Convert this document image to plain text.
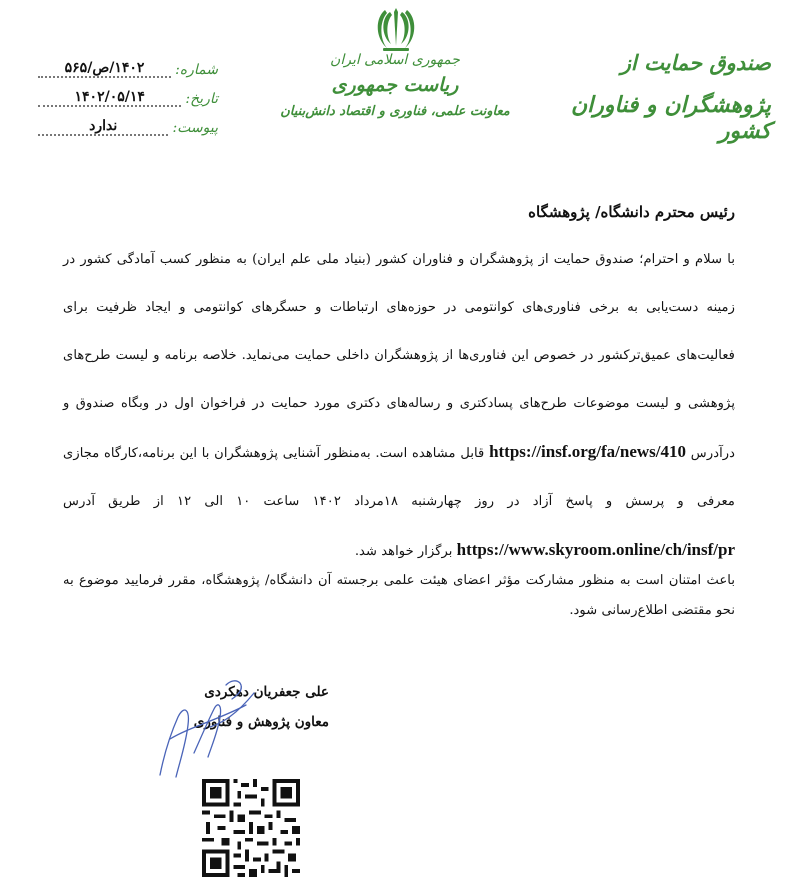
صندوق حمایت از
پژوهشگران و فناوران کشور
جمهوری اسلامی ایران
ریاست جمهوری
معاونت علمی، فناوری و اقتصاد دانش‌بنیان
شماره:
۱۴۰۲/ص/۵۶۵
تاریخ:
۱۴۰۲/۰۵/۱۴
پیوست:
ندارد
رئیس محترم دانشگاه/ پژوهشگاه
با سلام و احترام؛ صندوق حمایت از پژوهشگران و فناوران کشور (بنیاد ملی علم ایران) به منظور کسب آمادگی کشور در زمینه دست‌یابی به برخی فناوری‌های کوانتومی در حوزه‌های ارتباطات و حسگرهای کوانتومی و ایجاد ظرفیت برای فعالیت‌های عمیق‌ترکشور در خصوص این فناوری‌ها از پژوهشگران داخلی حمایت می‌نماید. خلاصه برنامه و لیست طرح‌های پژوهشی و لیست موضوعات طرح‌های پسادکتری و رساله‌های دکتری مورد حمایت در فراخوان اول در وبگاه صندوق و درآدرس https://insf.org/fa/news/410 قابل مشاهده است. به‌منظور آشنایی پژوهشگران با این برنامه،کارگاه مجازی معرفی و پرسش و پاسخ آزاد در روز چهارشنبه ۱۸مرداد ۱۴۰۲ ساعت ۱۰ الی ۱۲ از طریق آدرس https://www.skyroom.online/ch/insf/pr برگزار خواهد شد.
باعث امتنان است به منظور مشارکت مؤثر اعضای هیئت علمی برجسته آن دانشگاه/ پژوهشگاه، مقرر فرمایید موضوع به نحو مقتضی اطلاع‌رسانی شود.
علی جعفریان دهکردی
معاون پژوهش و فناوری
